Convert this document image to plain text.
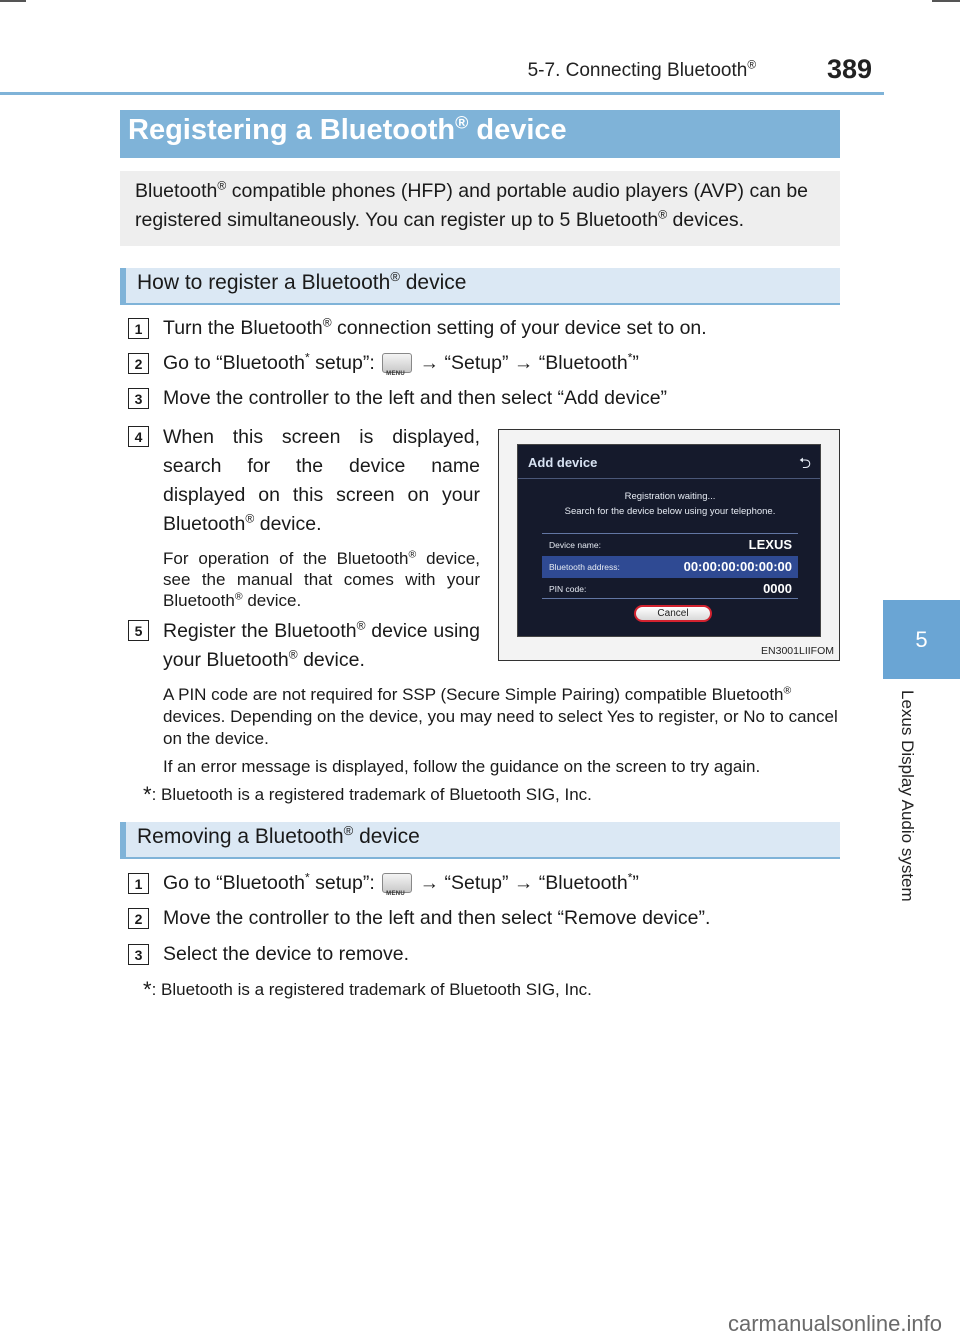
5-7. Connecting Bluetooth®	389
5
Lexus Display Audio system
Registering a Bluetooth® device
Bluetooth® compatible phones (HFP) and portable audio players (AVP) can be registered simultaneously. You can register up to 5 Bluetooth® devices.
How to register a Bluetooth® device
1	Turn the Bluetooth® connection setting of your device set to on.
2	Go to “Bluetooth* setup”: MENU → “Setup” → “Bluetooth*”
3	Move the controller to the left and then select “Add device”
4	When this screen is displayed, search for the device name displayed on this screen on your Bluetooth® device.
For operation of the Bluetooth® device, see the manual that comes with your Bluetooth® device.
5	Register the Bluetooth® device using your Bluetooth® device.
A PIN code are not required for SSP (Secure Simple Pairing) compatible Bluetooth® devices. Depending on the device, you may need to select Yes to register, or No to cancel on the device.
If an error message is displayed, follow the guidance on the screen to try again.
*: Bluetooth is a registered trademark of Bluetooth SIG, Inc.
Add device	⮌
Registration waiting...
Search for the device below using your telephone.
Device name:	LEXUS
Bluetooth address:	00:00:00:00:00:00
PIN code:	0000
Cancel
EN3001LIIFOM
Removing a Bluetooth® device
1	Go to “Bluetooth* setup”: MENU → “Setup” → “Bluetooth*”
2	Move the controller to the left and then select “Remove device”.
3	Select the device to remove.
*: Bluetooth is a registered trademark of Bluetooth SIG, Inc.
carmanualsonline.info
